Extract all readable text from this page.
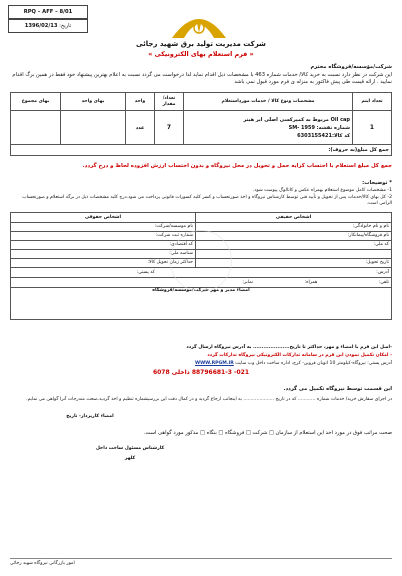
RPQ – AFF – 8/01
تاریخ: 1396/02/13
شرکت مدیریت تولید برق شهید رجائی
« فرم استعلام بهای الکترونیکی »
شرکت/مؤسسه/فروشگاه محترم
این شرکت در نظر دارد نسبت به خرید کالا/ خدمات شماره 463 با مشخصات ذیل اقدام نماید لذا درخواست می گردد نسبت به اعلام بهترین پیشنهاد خود فقط در همین برگ اقدام نمایید . ارائه قیمت طی پیش فاکتور به منزله ی فرم مورد قبول نمی باشد
تعداد ایتم	مشخصات ونوع کالا / خدمات موردِاستعلام	تعداد/مقدار	واحد	بهای واحد	بهای مجموع
1	Oil cap مربوط به کمپرکسی اصلی ایر هیتر
شماره نقشه: 1959 -SM
کد کالا:6303155421	7	عدد		
جمع کل مبلغ(به حروف):					
جمع کل مبلغ استعلام با احتساب کرایه حمل و تحویل در محل نیروگاه و بدون احتساب ارزش افزوده لحاظ و درج گردد.
* توضیحات:
1- مشخصات کامل موضوع استعلام بهمراه عکس و کاتالوگ پیوست شود.
2- کل بهای کالا/خدمات پس از تحویل و تأیید فنی توسط کارشناس نیروگاه و اخذ صورتحساب و کسر کلیه کسورات قانونی پرداخت می شود.درج کلیه مشخصات ذیل در برگه استعلام و صورتحساب الزامی است.
اشخاص حقیقی	اشخاص حقوقی
نام و نام خانوادگی:	نام موسسه/شرکت:
نام فروشگاه/پیمانکار:	شماره ثبت شرکت:
کد ملی:	کد اقتصادی:
	شناسه ملی:
تاریخ تحویل:	حداکثر زمان تحویل کالا:
آدرس: کد پستی:	
تلفن: همراه: نمابر:	
امضاء مدیر و مهر شرکت/موسسه/فروشگاه	
-اصل این فرم با امضاء و مهر، حداکثر تا تاریخ..................... به آدرس نیروگاه ارسال گردد
- امکان تکمیل نمودن این فرم در سامانه تدارکات الکترونیکی نیروگاه تدارکات گردد
آدرس پستی: نیروگاه-کیلومتر 10 اتوبان قزوین- کرج، اداره ساخت داخل وب سایت WWW.RPGM.IR
021- 88796681-3 داخلی 6078
این قسمت توسط نیروگاه تکمیل می گردد.
در اجرای سفارش خرید/ خدمات شماره ............ که در تاریخ ..................... به اینجانب ارجاع گردید و در کمال دقت این بررسیشماره تنظیم و اخذ گردید.صحت مندرجات آنرا گواهی می نمایم.
امضاء کارپرداز- تاریخ
صحت مراتب فوق در مورد اخذ این استعلام از سازمان □ شرکت □ فروشگاه □ بنگاه □ مذکور مورد گواهی است.
کارشناس مسئول ساخت داخل
کلهر
امور بازرگانی نیروگاه شهید رجائی
